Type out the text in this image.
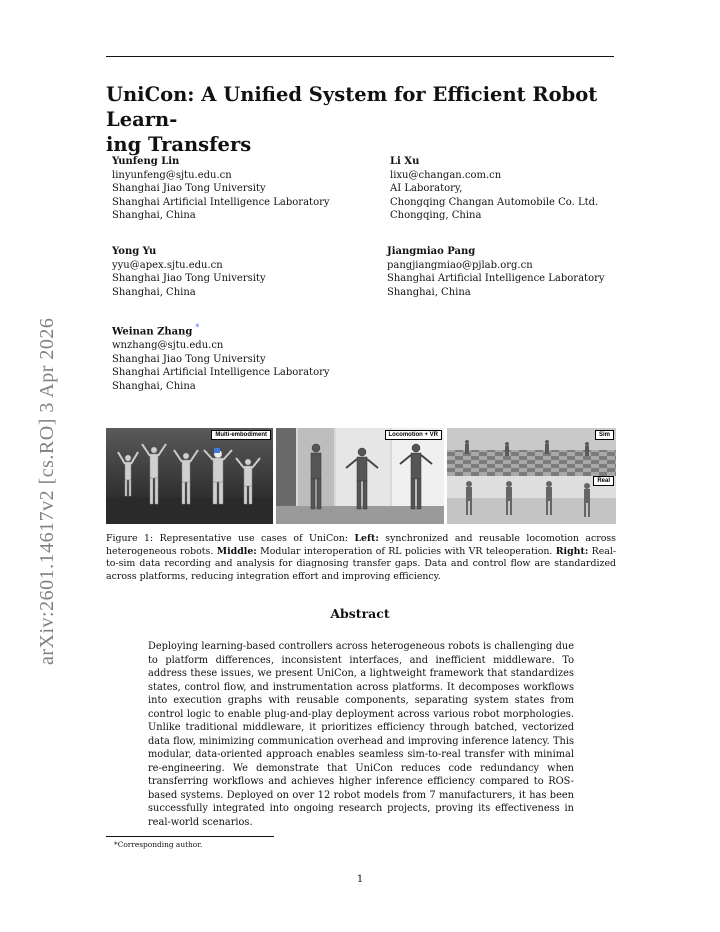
UniCon: A Unified System for Efficient Robot Learn-
ing Transfers
Yunfeng Lin
linyunfeng@sjtu.edu.cn
Shanghai Jiao Tong University
Shanghai Artificial Intelligence Laboratory
Shanghai, China
Li Xu
lixu@changan.com.cn
AI Laboratory,
Chongqing Changan Automobile Co. Ltd.
Chongqing, China
Yong Yu
yyu@apex.sjtu.edu.cn
Shanghai Jiao Tong University
Shanghai, China
Jiangmiao Pang
pangjiangmiao@pjlab.org.cn
Shanghai Artificial Intelligence Laboratory
Shanghai, China
Weinan Zhang *
wnzhang@sjtu.edu.cn
Shanghai Jiao Tong University
Shanghai Artificial Intelligence Laboratory
Shanghai, China
arXiv:2601.14617v2 [cs.RO] 3 Apr 2026	Multi-embodiment	Locomotion + VR	Sim
Real
Figure 1: Representative use cases of UniCon: Left: synchronized and reusable locomotion across heterogeneous robots. Middle: Modular interoperation of RL policies with VR teleoperation. Right: Real-to-sim data recording and analysis for diagnosing transfer gaps. Data and control flow are standardized across platforms, reducing integration effort and improving efficiency.
Abstract

Deploying learning-based controllers across heterogeneous robots is challenging due to platform differences, inconsistent interfaces, and inefficient middleware. To address these issues, we present UniCon, a lightweight framework that standardizes states, control flow, and instrumentation across platforms. It decomposes workflows into execution graphs with reusable components, separating system states from control logic to enable plug-and-play deployment across various robot morphologies. Unlike traditional middleware, it prioritizes efficiency through batched, vectorized data flow, minimizing communication overhead and improving inference latency. This modular, data-oriented approach enables seamless sim-to-real transfer with minimal re-engineering. We demonstrate that UniCon reduces code redundancy when transferring workflows and achieves higher inference efficiency compared to ROS-based systems. Deployed on over 12 robot models from 7 manufacturers, it has been successfully integrated into ongoing research projects, proving its effectiveness in real-world scenarios.

*Corresponding author.
1
